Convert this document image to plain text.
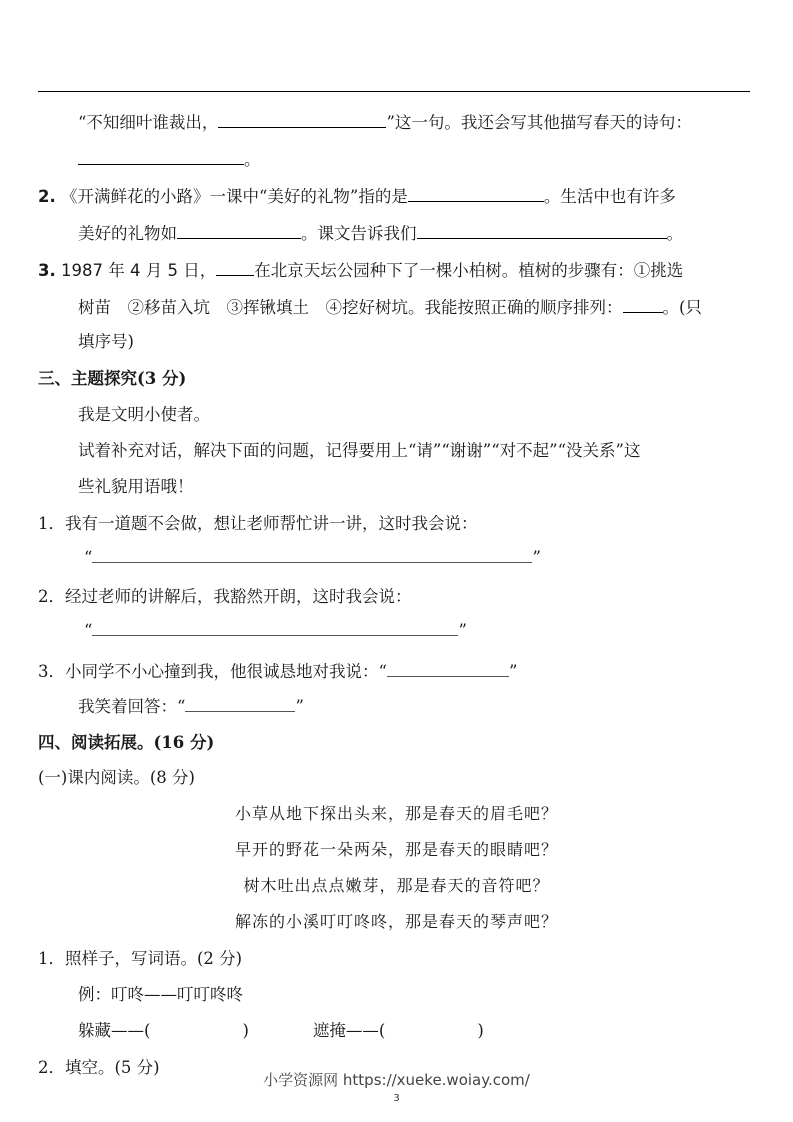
“不知细叶谁裁出，	”这一句。我还会写其他描写春天的诗句：
。
2. 《开满鲜花的小路》一课中“美好的礼物”指的是	。生活中也有许多
美好的礼物如	。课文告诉我们	。
3. 1987 年 4 月 5 日， 在北京天坛公园种下了一棵小柏树。植树的步骤有：①挑选
树苗　②移苗入坑　③挥锹填土　④挖好树坑。我能按照正确的顺序排列： 。(只
填序号)
三、主题探究(3 分)
我是文明小使者。
试着补充对话，解决下面的问题，记得要用上“请”“谢谢”“对不起”“没关系”这
些礼貌用语哦！
1．我有一道题不会做，想让老师帮忙讲一讲，这时我会说：
“	”
2．经过老师的讲解后，我豁然开朗，这时我会说：
“	”
3．小同学不小心撞到我，他很诚恳地对我说：“	”
我笑着回答：“	”
四、阅读拓展。(16 分)
(一)课内阅读。(8 分)
小草从地下探出头来，那是春天的眉毛吧？
早开的野花一朵两朵，那是春天的眼睛吧？
树木吐出点点嫩芽，那是春天的音符吧？
解冻的小溪叮叮咚咚，那是春天的琴声吧？
1．照样子，写词语。(2 分)
例：叮咚——叮叮咚咚
躲藏——(	)	遮掩——(	)
2．填空。(5 分)
小学资源网 https://xueke.woiay.com/
3
